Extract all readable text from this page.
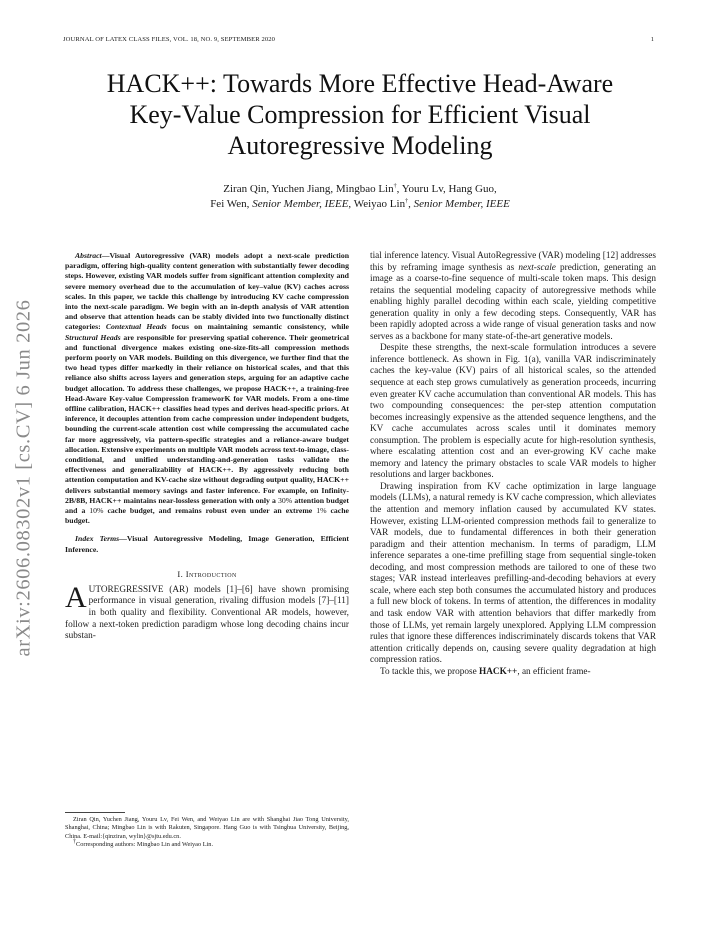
JOURNAL OF LATEX CLASS FILES, VOL. 18, NO. 9, SEPTEMBER 2020	1
arXiv:2606.08302v1 [cs.CV] 6 Jun 2026
HACK++: Towards More Effective Head-Aware
Key-Value Compression for Efficient Visual
Autoregressive Modeling
Ziran Qin, Yuchen Jiang, Mingbao Lin†, Youru Lv, Hang Guo,
Fei Wen, Senior Member, IEEE, Weiyao Lin†, Senior Member, IEEE

Abstract—Visual Autoregressive (VAR) models adopt a next-scale prediction paradigm, offering high-quality content generation with substantially fewer decoding steps. However, existing VAR models suffer from significant attention complexity and severe memory overhead due to the accumulation of key–value (KV) caches across scales. In this paper, we tackle this challenge by introducing KV cache compression into the next-scale paradigm. We begin with an in-depth analysis of VAR attention and observe that attention heads can be stably divided into two functionally distinct categories: Contextual Heads focus on maintaining semantic consistency, while Structural Heads are responsible for preserving spatial coherence. Their geometrical and functional divergence makes existing one-size-fits-all compression methods perform poorly on VAR models. Building on this divergence, we further find that the two head types differ markedly in their reliance on historical scales, and that this reliance also shifts across layers and generation steps, arguing for an adaptive cache budget allocation. To address these challenges, we propose HACK++, a training-free Head-Aware Key-value Compression frameworK for VAR models. From a one-time offline calibration, HACK++ classifies head types and derives head-specific priors. At inference, it decouples attention from cache compression under independent budgets, bounding the current-scale attention cost while compressing the accumulated cache far more aggressively, via pattern-specific strategies and a reliance-aware budget allocation. Extensive experiments on multiple VAR models across text-to-image, class-conditional, and unified understanding-and-generation tasks validate the effectiveness and generalizability of HACK++. By aggressively reducing both attention computation and KV-cache size without degrading output quality, HACK++ delivers substantial memory savings and faster inference. For example, on Infinity-2B/8B, HACK++ maintains near-lossless generation with only a 30% attention budget and a 10% cache budget, and remains robust even under an extreme 1% cache budget.

Index Terms—Visual Autoregressive Modeling, Image Generation, Efficient Inference.

I. Introduction

AUTOREGRESSIVE (AR) models [1]–[6] have shown promising performance in visual generation, rivaling diffusion models [7]–[11] in both quality and flexibility. Conventional AR models, however, follow a next-token prediction paradigm whose long decoding chains incur substan-

Ziran Qin, Yuchen Jiang, Youru Lv, Fei Wen, and Weiyao Lin are with Shanghai Jiao Tong University, Shanghai, China; Mingbao Lin is with Rakuten, Singapore. Hang Guo is with Tsinghua University, Beijing, China. E-mail:{qinziran, wylin}@sjtu.edu.cn.

†Corresponding authors: Mingbao Lin and Weiyao Lin.

tial inference latency. Visual AutoRegressive (VAR) modeling [12] addresses this by reframing image synthesis as next-scale prediction, generating an image as a coarse-to-fine sequence of multi-scale token maps. This design retains the sequential modeling capacity of autoregressive methods while enabling highly parallel decoding within each scale, yielding competitive generation quality in only a few decoding steps. Consequently, VAR has been rapidly adopted across a wide range of visual generation tasks and now serves as a backbone for many state-of-the-art generative models.

Despite these strengths, the next-scale formulation introduces a severe inference bottleneck. As shown in Fig. 1(a), vanilla VAR indiscriminately caches the key-value (KV) pairs of all historical scales, so the attended sequence at each step grows cumulatively as generation proceeds, incurring even greater KV cache accumulation than conventional AR models. This has two compounding consequences: the per-step attention computation becomes increasingly expensive as the attended sequence lengthens, and the KV cache accumulates across scales until it dominates memory consumption. The problem is especially acute for high-resolution synthesis, where escalating attention cost and an ever-growing KV cache make memory and latency the primary obstacles to scale VAR models to higher resolutions and larger backbones.

Drawing inspiration from KV cache optimization in large language models (LLMs), a natural remedy is KV cache compression, which alleviates the attention and memory inflation caused by accumulated KV states. However, existing LLM-oriented compression methods fail to generalize to VAR models, due to fundamental differences in both their generation paradigm and their attention mechanism. In terms of paradigm, LLM inference separates a one-time prefilling stage from sequential single-token decoding, and most compression methods are tailored to one of these two stages; VAR instead interleaves prefilling-and-decoding behaviors at every scale, where each step both consumes the accumulated history and produces a full new block of tokens. In terms of attention, the differences in modality and task endow VAR with attention behaviors that differ markedly from those of LLMs, yet remain largely unexplored. Applying LLM compression rules that ignore these differences indiscriminately discards tokens that VAR attention critically depends on, causing severe quality degradation at high compression ratios.

To tackle this, we propose HACK++, an efficient frame-
